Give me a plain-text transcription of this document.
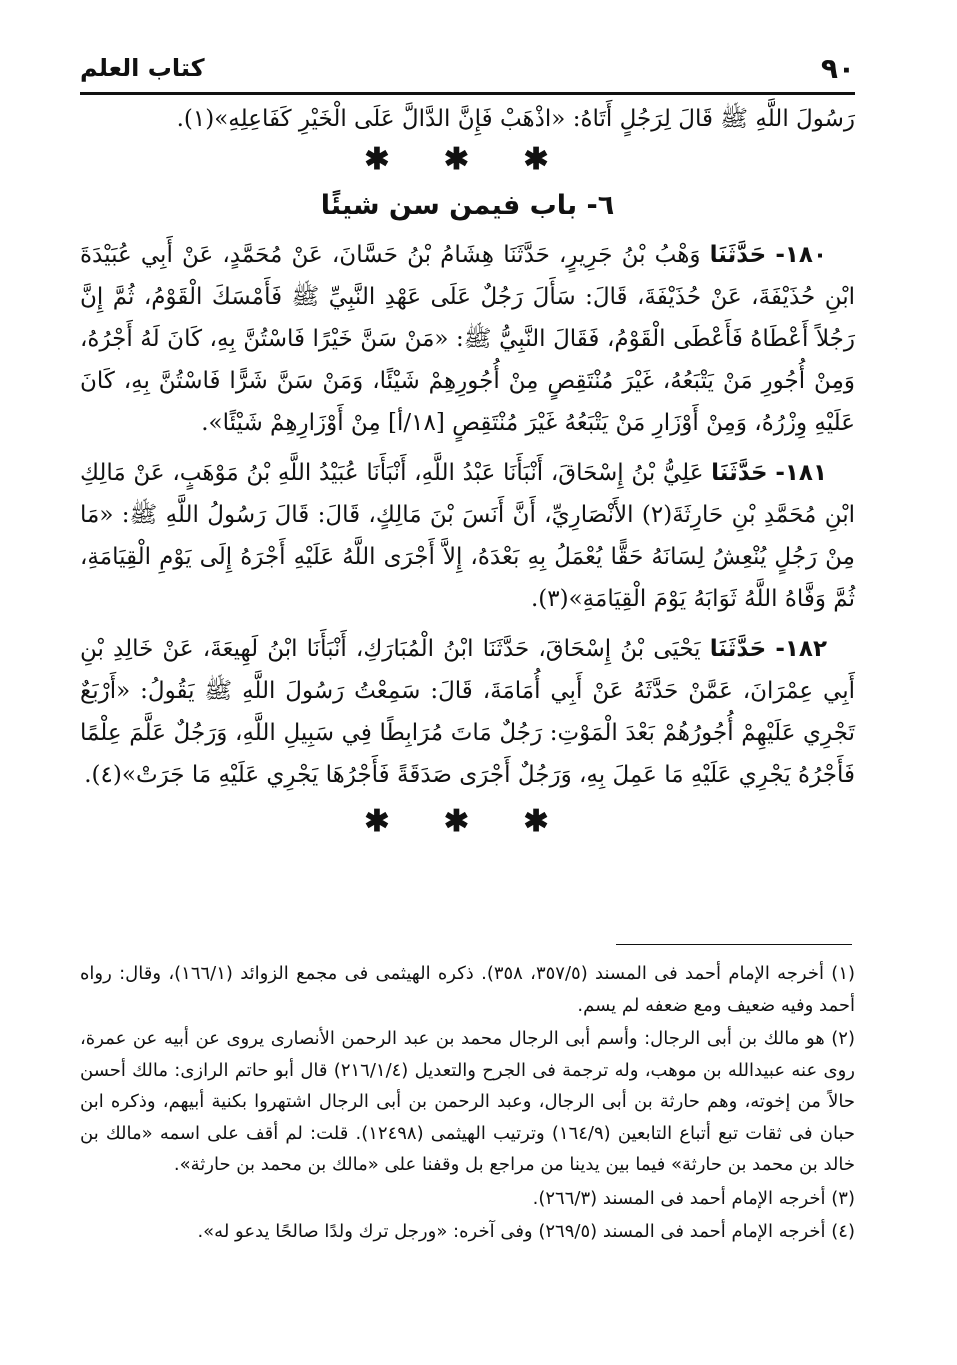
٩٠
كتاب العلم

رَسُولَ اللَّهِ ﷺ قَالَ لِرَجُلٍ أَتَاهُ: «اذْهَبْ فَإِنَّ الدَّالَّ عَلَى الْخَيْرِ كَفَاعِلِهِ»(١).

✱ ✱ ✱

٦- باب فيمن سن شيئًا

١٨٠- حَدَّثَنَا وَهْبُ بْنُ جَرِيرٍ، حَدَّثَنَا هِشَامُ بْنُ حَسَّانَ، عَنْ مُحَمَّدٍ، عَنْ أَبِي عُبَيْدَةَ ابْنِ حُذَيْفَةَ، عَنْ حُذَيْفَةَ، قَالَ: سَأَلَ رَجُلٌ عَلَى عَهْدِ النَّبِيِّ ﷺ فَأَمْسَكَ الْقَوْمُ، ثُمَّ إِنَّ رَجُلاً أَعْطَاهُ فَأَعْطَى الْقَوْمُ، فَقَالَ النَّبِيُّ ﷺ: «مَنْ سَنَّ خَيْرًا فَاسْتُنَّ بِهِ، كَانَ لَهُ أَجْرُهُ، وَمِنْ أُجُورِ مَنْ يَتْبَعُهُ، غَيْرَ مُنْتَقِصٍ مِنْ أُجُورِهِمْ شَيْئًا، وَمَنْ سَنَّ شَرًّا فَاسْتُنَّ بِهِ، كَانَ عَلَيْهِ وِزْرُهُ، وَمِنْ أَوْزَارِ مَنْ يَتْبَعُهُ غَيْرَ مُنْتَقِصٍ [١٨/أ] مِنْ أَوْزَارِهِمْ شَيْئًا».

١٨١- حَدَّثَنَا عَلِيُّ بْنُ إِسْحَاقَ، أَنْبَأَنَا عَبْدُ اللَّهِ، أَنْبَأَنَا عُبَيْدُ اللَّهِ بْنُ مَوْهَبٍ، عَنْ مَالِكِ ابْنِ مُحَمَّدِ بْنِ حَارِثَةَ(٢) الأَنْصَارِيِّ، أَنَّ أَنَسَ بْنَ مَالِكٍ، قَالَ: قَالَ رَسُولُ اللَّهِ ﷺ: «مَا مِنْ رَجُلٍ يُنْعِشُ لِسَانَهُ حَقًّا يُعْمَلُ بِهِ بَعْدَهُ، إِلاَّ أَجْرَى اللَّهُ عَلَيْهِ أَجْرَهُ إِلَى يَوْمِ الْقِيَامَةِ، ثُمَّ وَفَّاهُ اللَّهُ ثَوَابَهُ يَوْمَ الْقِيَامَةِ»(٣).

١٨٢- حَدَّثَنَا يَحْيَى بْنُ إِسْحَاقَ، حَدَّثَنَا ابْنُ الْمُبَارَكِ، أَنْبَأَنَا ابْنُ لَهِيعَةَ، عَنْ خَالِدِ بْنِ أَبِي عِمْرَانَ، عَمَّنْ حَدَّثَهُ عَنْ أَبِي أُمَامَةَ، قَالَ: سَمِعْتُ رَسُولَ اللَّهِ ﷺ يَقُولُ: «أَرْبَعٌ تَجْرِي عَلَيْهِمْ أُجُورُهُمْ بَعْدَ الْمَوْتِ: رَجُلٌ مَاتَ مُرَابِطًا فِي سَبِيلِ اللَّهِ، وَرَجُلٌ عَلَّمَ عِلْمًا فَأَجْرُهُ يَجْرِي عَلَيْهِ مَا عَمِلَ بِهِ، وَرَجُلٌ أَجْرَى صَدَقَةً فَأَجْرُهَا يَجْرِي عَلَيْهِ مَا جَرَتْ»(٤).

✱ ✱ ✱

(١) أخرجه الإمام أحمد فى المسند (٣٥٧/٥، ٣٥٨). ذكره الهيثمى فى مجمع الزوائد (١٦٦/١)، وقال: رواه أحمد وفيه ضعيف ومع ضعفه لم يسم.

(٢) هو مالك بن أبى الرجال: وأسم أبى الرجال محمد بن عبد الرحمن الأنصارى يروى عن أبيه عن عمرة، روى عنه عبيدالله بن موهب، وله ترجمة فى الجرح والتعديل (٢١٦/١/٤) قال أبو حاتم الرازى: مالك أحسن حالاً من إخوته، وهم حارثة بن أبى الرجال، وعبد الرحمن بن أبى الرجال اشتهروا بكنية أبيهم، وذكره ابن حبان فى ثقات تبع أتباع التابعين (١٦٤/٩) وترتيب الهيثمى (١٢٤٩٨). قلت: لم أقف على اسمه «مالك بن خالد بن محمد بن حارثة» فيما بين يدينا من مراجع بل وقفنا على «مالك بن محمد بن حارثة».

(٣) أخرجه الإمام أحمد فى المسند (٢٦٦/٣).

(٤) أخرجه الإمام أحمد فى المسند (٢٦٩/٥) وفى آخره: «ورجل ترك ولدًا صالحًا يدعو له».
